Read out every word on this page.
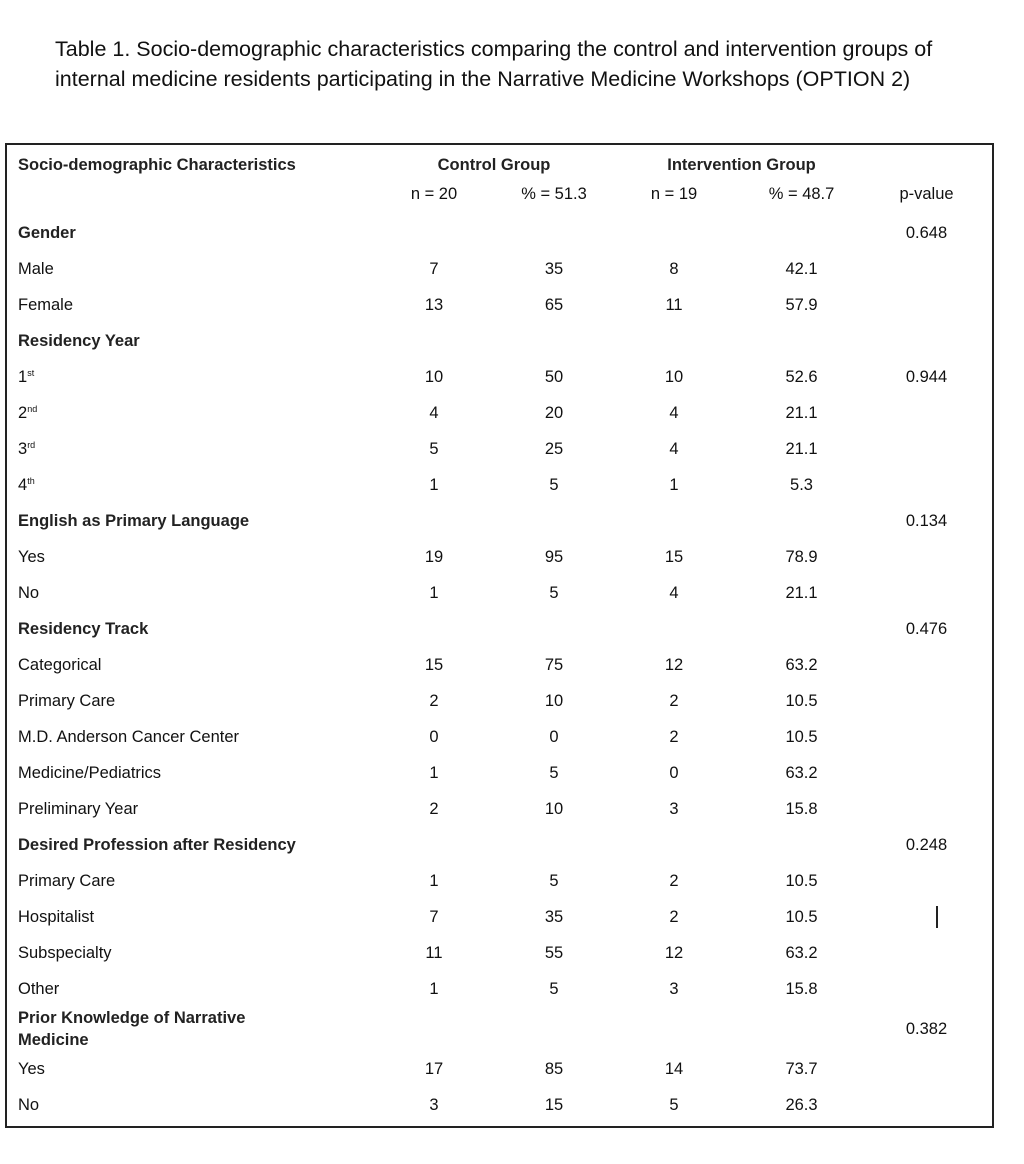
Table 1. Socio-demographic characteristics comparing the control and intervention groups of internal medicine residents participating in the Narrative Medicine Workshops (OPTION 2)
Socio-demographic Characteristics	Control Group		Intervention Group		
	n = 20	% = 51.3	n = 19	% = 48.7	p-value
Gender					0.648
Male	7	35	8	42.1	
Female	13	65	11	57.9	
Residency Year					
1st	10	50	10	52.6	0.944
2nd	4	20	4	21.1	
3rd	5	25	4	21.1	
4th	1	5	1	5.3	
English as Primary Language					0.134
Yes	19	95	15	78.9	
No	1	5	4	21.1	
Residency Track					0.476
Categorical	15	75	12	63.2	
Primary Care	2	10	2	10.5	
M.D. Anderson Cancer Center	0	0	2	10.5	
Medicine/Pediatrics	1	5	0	63.2	
Preliminary Year	2	10	3	15.8	
Desired Profession after Residency					0.248
Primary Care	1	5	2	10.5	
Hospitalist	7	35	2	10.5	
Subspecialty	11	55	12	63.2	
Other	1	5	3	15.8	
Prior Knowledge of Narrative
Medicine					0.382
Yes	17	85	14	73.7	
No	3	15	5	26.3	
